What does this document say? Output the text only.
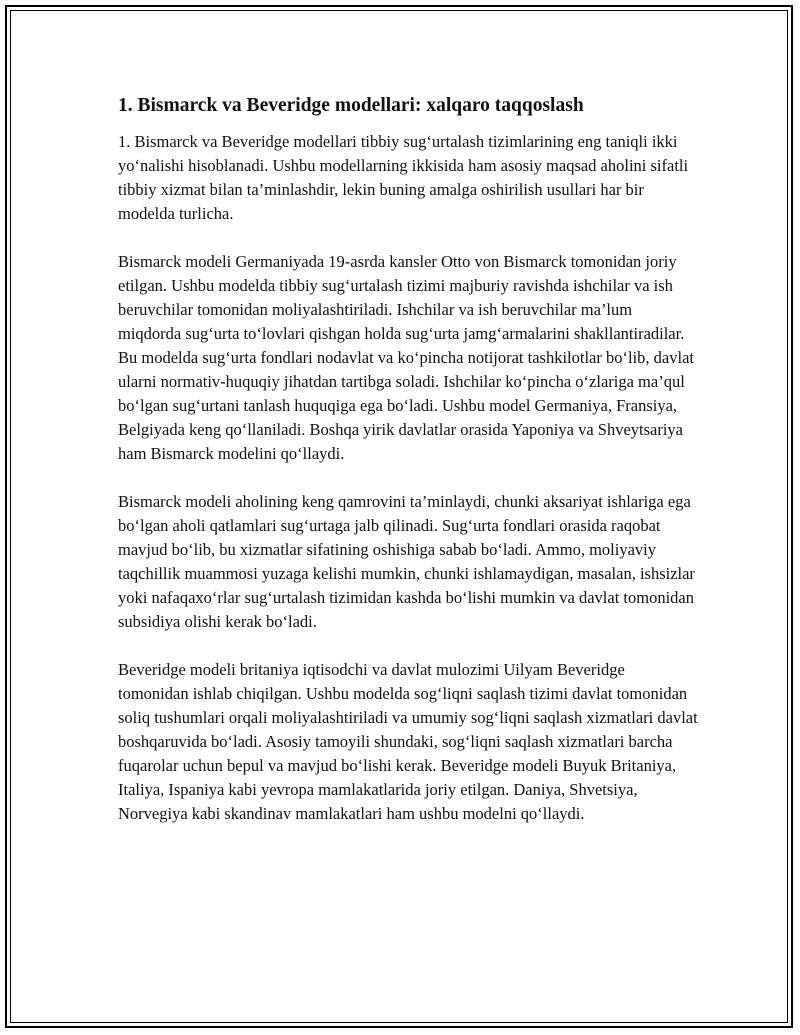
1. Bismarck va Beveridge modellari: xalqaro taqqoslash

1. Bismarck va Beveridge modellari tibbiy sug‘urtalash tizimlarining eng taniqli ikki yo‘nalishi hisoblanadi. Ushbu modellarning ikkisida ham asosiy maqsad aholini sifatli tibbiy xizmat bilan ta’minlashdir, lekin buning amalga oshirilish usullari har bir modelda turlicha.

Bismarck modeli Germaniyada 19-asrda kansler Otto von Bismarck tomonidan joriy etilgan. Ushbu modelda tibbiy sug‘urtalash tizimi majburiy ravishda ishchilar va ish beruvchilar tomonidan moliyalashtiriladi. Ishchilar va ish beruvchilar ma’lum miqdorda sug‘urta to‘lovlari qishgan holda sug‘urta jamg‘armalarini shakllantiradilar. Bu modelda sug‘urta fondlari nodavlat va ko‘pincha notijorat tashkilotlar bo‘lib, davlat ularni normativ-huquqiy jihatdan tartibga soladi. Ishchilar ko‘pincha o‘zlariga ma’qul bo‘lgan sug‘urtani tanlash huquqiga ega bo‘ladi. Ushbu model Germaniya, Fransiya, Belgiyada keng qo‘llaniladi. Boshqa yirik davlatlar orasida Yaponiya va Shveytsariya ham Bismarck modelini qo‘llaydi.

Bismarck modeli aholining keng qamrovini ta’minlaydi, chunki aksariyat ishlariga ega bo‘lgan aholi qatlamlari sug‘urtaga jalb qilinadi. Sug‘urta fondlari orasida raqobat mavjud bo‘lib, bu xizmatlar sifatining oshishiga sabab bo‘ladi. Ammo, moliyaviy taqchillik muammosi yuzaga kelishi mumkin, chunki ishlamaydigan, masalan, ishsizlar yoki nafaqaxo‘rlar sug‘urtalash tizimidan kashda bo‘lishi mumkin va davlat tomonidan subsidiya olishi kerak bo‘ladi.

Beveridge modeli britaniya iqtisodchi va davlat mulozimi Uilyam Beveridge tomonidan ishlab chiqilgan. Ushbu modelda sog‘liqni saqlash tizimi davlat tomonidan soliq tushumlari orqali moliyalashtiriladi va umumiy sog‘liqni saqlash xizmatlari davlat boshqaruvida bo‘ladi. Asosiy tamoyili shundaki, sog‘liqni saqlash xizmatlari barcha fuqarolar uchun bepul va mavjud bo‘lishi kerak. Beveridge modeli Buyuk Britaniya, Italiya, Ispaniya kabi yevropa mamlakatlarida joriy etilgan. Daniya, Shvetsiya, Norvegiya kabi skandinav mamlakatlari ham ushbu modelni qo‘llaydi.
